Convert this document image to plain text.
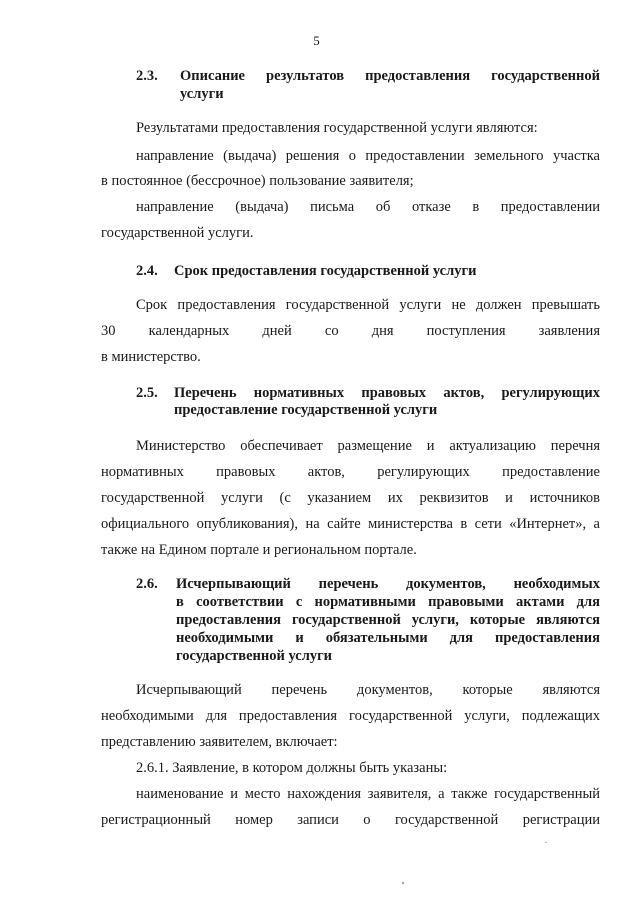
5
2.3. Описание результатов предоставления государственной
услуги
Результатами предоставления государственной услуги являются:
направление (выдача) решения о предоставлении земельного участка
в постоянное (бессрочное) пользование заявителя;
направление (выдача) письма об отказе в предоставлении
государственной услуги.
2.4. Срок предоставления государственной услуги
Срок предоставления государственной услуги не должен превышать
30 календарных дней со дня поступления заявления
в министерство.
2.5. Перечень нормативных правовых актов, регулирующих
предоставление государственной услуги
Министерство обеспечивает размещение и актуализацию перечня
нормативных правовых актов, регулирующих предоставление
государственной услуги (с указанием их реквизитов и источников
официального опубликования), на сайте министерства в сети «Интернет», а
также на Едином портале и региональном портале.
2.6. Исчерпывающий перечень документов, необходимых
в соответствии с нормативными правовыми актами для
предоставления государственной услуги, которые являются
необходимыми и обязательными для предоставления
государственной услуги
Исчерпывающий перечень документов, которые являются
необходимыми для предоставления государственной услуги, подлежащих
представлению заявителем, включает:
2.6.1. Заявление, в котором должны быть указаны:
наименование и место нахождения заявителя, а также государственный
регистрационный номер записи о государственной регистрации
